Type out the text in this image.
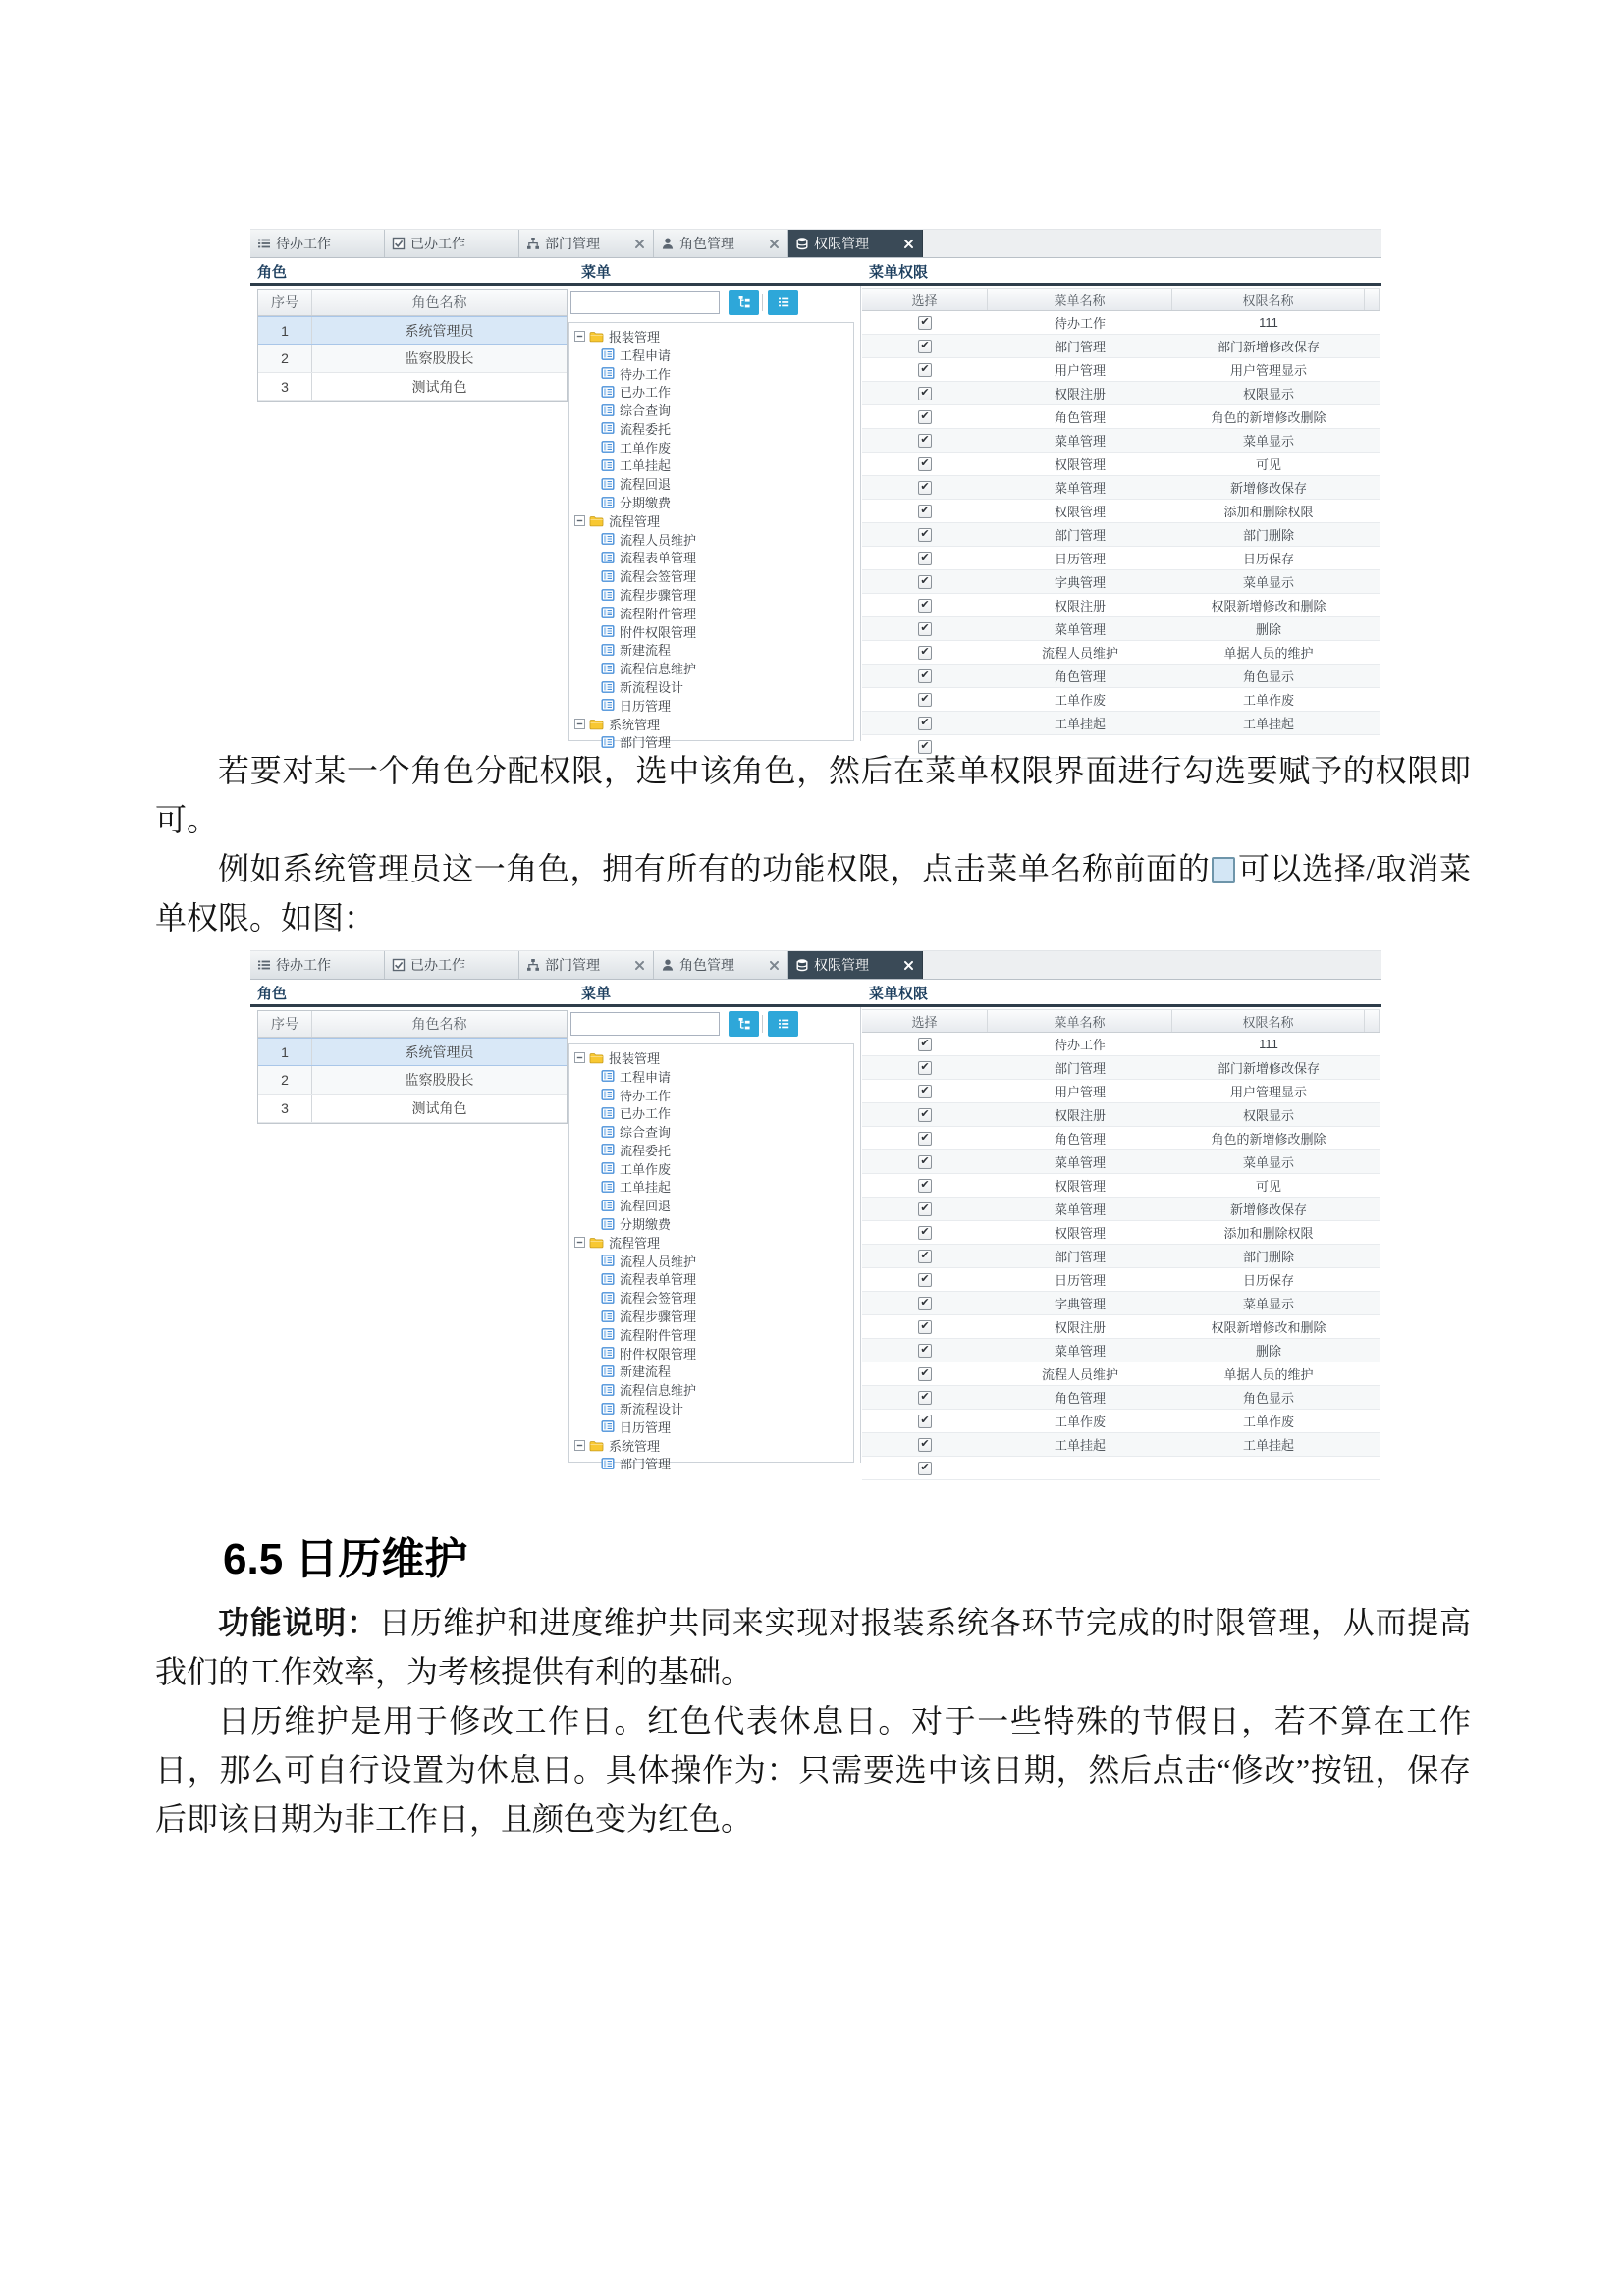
待办工作	已办工作	部门管理	角色管理	权限管理
角色	菜单	菜单权限
序号	角色名称
1	系统管理员
2	监察股股长
3	测试角色
报装管理
工程申请
待办工作
已办工作
综合查询
流程委托
工单作废
工单挂起
流程回退
分期缴费
流程管理
流程人员维护
流程表单管理
流程会签管理
流程步骤管理
流程附件管理
附件权限管理
新建流程
流程信息维护
新流程设计
日历管理
系统管理
部门管理
选择	菜单名称	权限名称
✔	待办工作	111
✔	部门管理	部门新增修改保存
✔	用户管理	用户管理显示
✔	权限注册	权限显示
✔	角色管理	角色的新增修改删除
✔	菜单管理	菜单显示
✔	权限管理	可见
✔	菜单管理	新增修改保存
✔	权限管理	添加和删除权限
✔	部门管理	部门删除
✔	日历管理	日历保存
✔	字典管理	菜单显示
✔	权限注册	权限新增修改和删除
✔	菜单管理	删除
✔	流程人员维护	单据人员的维护
✔	角色管理	角色显示
✔	工单作废	工单作废
✔	工单挂起	工单挂起
✔

若要对某一个角色分配权限，选中该角色，然后在菜单权限界面进行勾选要赋予的权限即可。

例如系统管理员这一角色，拥有所有的功能权限，点击菜单名称前面的 可以选择/取消菜单权限。如图：

待办工作	已办工作	部门管理	角色管理	权限管理
角色	菜单	菜单权限
序号	角色名称
1	系统管理员
2	监察股股长
3	测试角色
报装管理
工程申请
待办工作
已办工作
综合查询
流程委托
工单作废
工单挂起
流程回退
分期缴费
流程管理
流程人员维护
流程表单管理
流程会签管理
流程步骤管理
流程附件管理
附件权限管理
新建流程
流程信息维护
新流程设计
日历管理
系统管理
部门管理
选择	菜单名称	权限名称
✔	待办工作	111
✔	部门管理	部门新增修改保存
✔	用户管理	用户管理显示
✔	权限注册	权限显示
✔	角色管理	角色的新增修改删除
✔	菜单管理	菜单显示
✔	权限管理	可见
✔	菜单管理	新增修改保存
✔	权限管理	添加和删除权限
✔	部门管理	部门删除
✔	日历管理	日历保存
✔	字典管理	菜单显示
✔	权限注册	权限新增修改和删除
✔	菜单管理	删除
✔	流程人员维护	单据人员的维护
✔	角色管理	角色显示
✔	工单作废	工单作废
✔	工单挂起	工单挂起
✔
6.5 日历维护

功能说明：日历维护和进度维护共同来实现对报装系统各环节完成的时限管理，从而提高我们的工作效率，为考核提供有利的基础。

日历维护是用于修改工作日。红色代表休息日。对于一些特殊的节假日，若不算在工作日，那么可自行设置为休息日。具体操作为：只需要选中该日期，然后点击“修改”按钮，保存后即该日期为非工作日，且颜色变为红色。
